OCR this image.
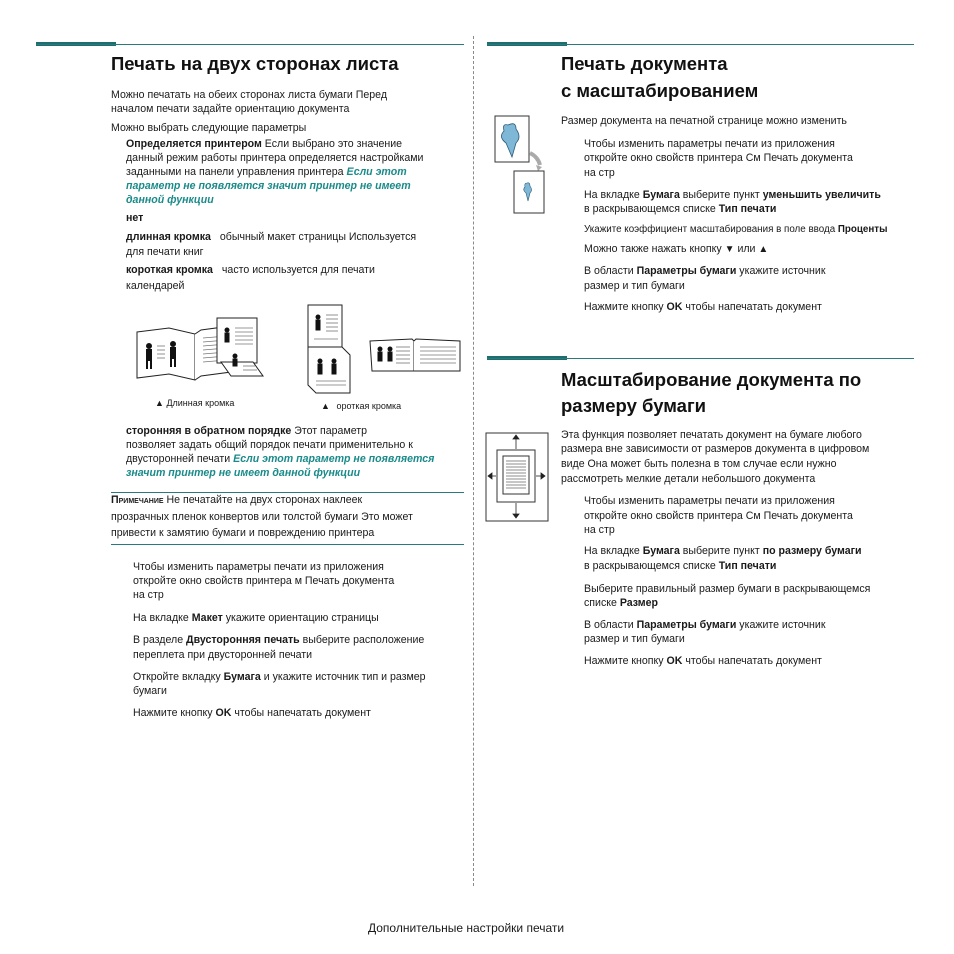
Печать на двух сторонах листа
Можно печатать на обеих сторонах листа бумаги Перед
началом печати задайте ориентацию документа
Можно выбрать следующие параметры
Определяется принтером Если выбрано это значение
данный режим работы принтера определяется настройками
заданными на панели управления принтера Если этот
параметр не появляется значит принтер не имеет
данной функции
нет
длинная кромка обычный макет страницы Используется
для печати книг
короткая кромка часто используется для печати
календарей
▲ Длинная кромка	▲ ороткая кромка
сторонняя в обратном порядке Этот параметр
позволяет задать общий порядок печати применительно к
двусторонней печати Если этот параметр не появляется
значит принтер не имеет данной функции
Примечание Не печатайте на двух сторонах наклеек
прозрачных пленок конвертов или толстой бумаги Это может
привести к замятию бумаги и повреждению принтера
Чтобы изменить параметры печати из приложения
откройте окно свойств принтера м Печать документа
на стр
На вкладке Макет укажите ориентацию страницы
В разделе Двусторонняя печать выберите расположение
переплета при двусторонней печати
Откройте вкладку Бумага и укажите источник тип и размер
бумаги
Нажмите кнопку OK чтобы напечатать документ
Печать документа
с масштабированием
Размер документа на печатной странице можно изменить
Чтобы изменить параметры печати из приложения
откройте окно свойств принтера См Печать документа
на стр
На вкладке Бумага выберите пункт уменьшить увеличить
в раскрывающемся списке Тип печати
Укажите коэффициент масштабирования в поле ввода Проценты
Можно также нажать кнопку ▼ или ▲
В области Параметры бумаги укажите источник
размер и тип бумаги
Нажмите кнопку OK чтобы напечатать документ
Масштабирование документа по
размеру бумаги
Эта функция позволяет печатать документ на бумаге любого
размера вне зависимости от размеров документа в цифровом
виде Она может быть полезна в том случае если нужно
рассмотреть мелкие детали небольшого документа
Чтобы изменить параметры печати из приложения
откройте окно свойств принтера См Печать документа
на стр
На вкладке Бумага выберите пункт по размеру бумаги
в раскрывающемся списке Тип печати
Выберите правильный размер бумаги в раскрывающемся
списке Размер
В области Параметры бумаги укажите источник
размер и тип бумаги
Нажмите кнопку OK чтобы напечатать документ
Дополнительные настройки печати
